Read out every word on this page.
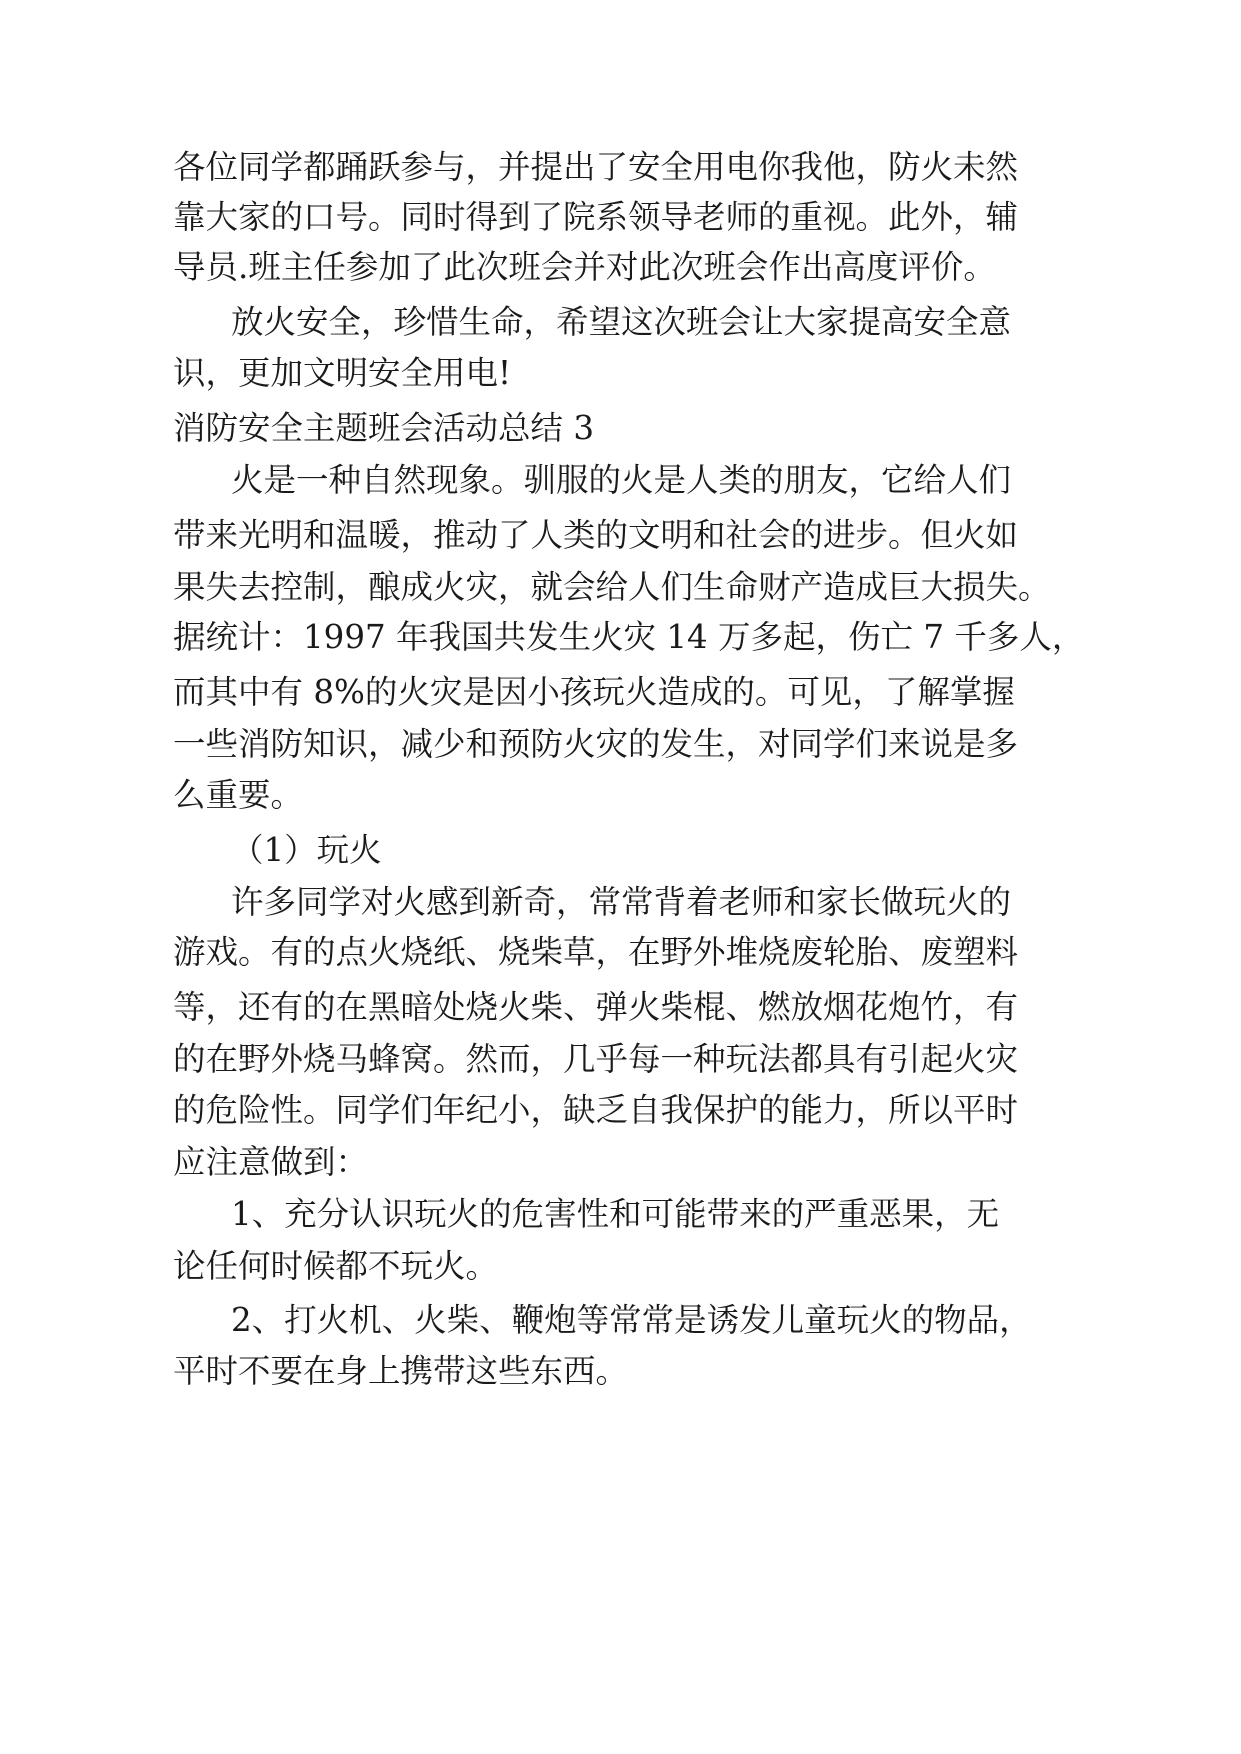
各位同学都踊跃参与，并提出了安全用电你我他，防火未然
靠大家的口号。同时得到了院系领导老师的重视。此外，辅
导员.班主任参加了此次班会并对此次班会作出高度评价。
放火安全，珍惜生命，希望这次班会让大家提高安全意
识，更加文明安全用电!
消防安全主题班会活动总结 3
火是一种自然现象。驯服的火是人类的朋友，它给人们
带来光明和温暖，推动了人类的文明和社会的进步。但火如
果失去控制，酿成火灾，就会给人们生命财产造成巨大损失。
据统计：1997 年我国共发生火灾 14 万多起，伤亡 7 千多人，
而其中有 8%的火灾是因小孩玩火造成的。可见，了解掌握
一些消防知识，减少和预防火灾的发生，对同学们来说是多
么重要。
（1）玩火
许多同学对火感到新奇，常常背着老师和家长做玩火的
游戏。有的点火烧纸、烧柴草，在野外堆烧废轮胎、废塑料
等，还有的在黑暗处烧火柴、弹火柴棍、燃放烟花炮竹，有
的在野外烧马蜂窝。然而，几乎每一种玩法都具有引起火灾
的危险性。同学们年纪小，缺乏自我保护的能力，所以平时
应注意做到：
1、充分认识玩火的危害性和可能带来的严重恶果，无
论任何时候都不玩火。
2、打火机、火柴、鞭炮等常常是诱发儿童玩火的物品，
平时不要在身上携带这些东西。
